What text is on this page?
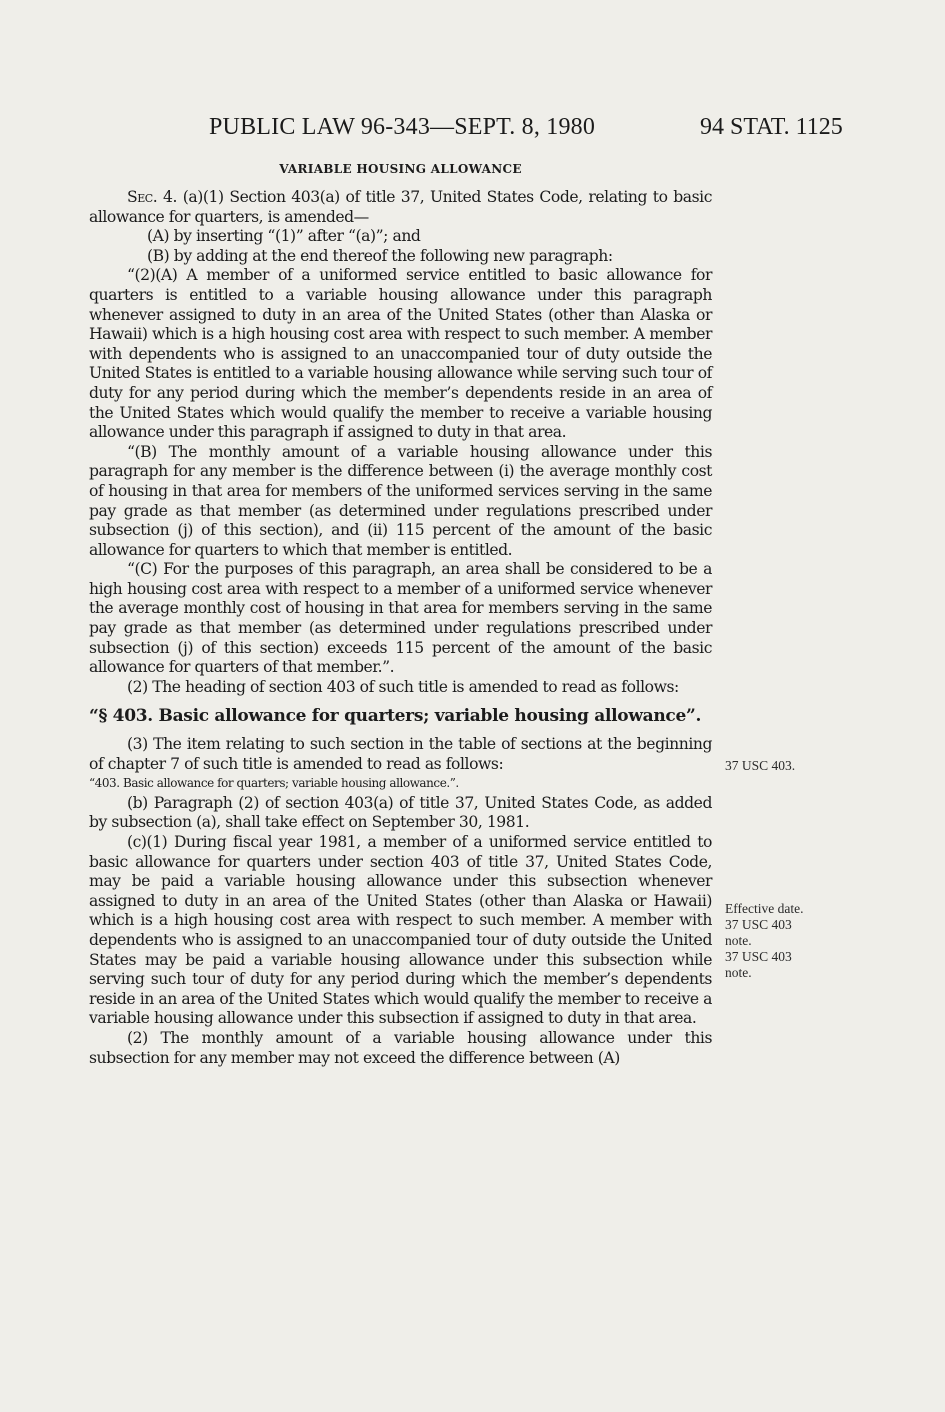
PUBLIC LAW 96-343—SEPT. 8, 1980	94 STAT. 1125
VARIABLE HOUSING ALLOWANCE

Sec. 4. (a)(1) Section 403(a) of title 37, United States Code, relating to basic allowance for quarters, is amended—

(A) by inserting “(1)” after “(a)”; and

(B) by adding at the end thereof the following new paragraph:

“(2)(A) A member of a uniformed service entitled to basic allowance for quarters is entitled to a variable housing allowance under this paragraph whenever assigned to duty in an area of the United States (other than Alaska or Hawaii) which is a high housing cost area with respect to such member. A member with dependents who is assigned to an unaccompanied tour of duty outside the United States is entitled to a variable housing allowance while serving such tour of duty for any period during which the member’s dependents reside in an area of the United States which would qualify the member to receive a variable housing allowance under this paragraph if assigned to duty in that area.

“(B) The monthly amount of a variable housing allowance under this paragraph for any member is the difference between (i) the average monthly cost of housing in that area for members of the uniformed services serving in the same pay grade as that member (as determined under regulations prescribed under subsection (j) of this section), and (ii) 115 percent of the amount of the basic allowance for quarters to which that member is entitled.

“(C) For the purposes of this paragraph, an area shall be considered to be a high housing cost area with respect to a member of a uniformed service whenever the average monthly cost of housing in that area for members serving in the same pay grade as that member (as determined under regulations prescribed under subsection (j) of this section) exceeds 115 percent of the amount of the basic allowance for quarters of that member.”.

(2) The heading of section 403 of such title is amended to read as follows:

“§ 403. Basic allowance for quarters; variable housing allowance”.

(3) The item relating to such section in the table of sections at the beginning of chapter 7 of such title is amended to read as follows:

“403. Basic allowance for quarters; variable housing allowance.”.

(b) Paragraph (2) of section 403(a) of title 37, United States Code, as added by subsection (a), shall take effect on September 30, 1981.

(c)(1) During fiscal year 1981, a member of a uniformed service entitled to basic allowance for quarters under section 403 of title 37, United States Code, may be paid a variable housing allowance under this subsection whenever assigned to duty in an area of the United States (other than Alaska or Hawaii) which is a high housing cost area with respect to such member. A member with dependents who is assigned to an unaccompanied tour of duty outside the United States may be paid a variable housing allowance under this subsection while serving such tour of duty for any period during which the member’s dependents reside in an area of the United States which would qualify the member to receive a variable housing allowance under this subsection if assigned to duty in that area.

(2) The monthly amount of a variable housing allowance under this subsection for any member may not exceed the difference between (A)

37 USC 403.
Effective date.
37 USC 403
note.
37 USC 403
note.
